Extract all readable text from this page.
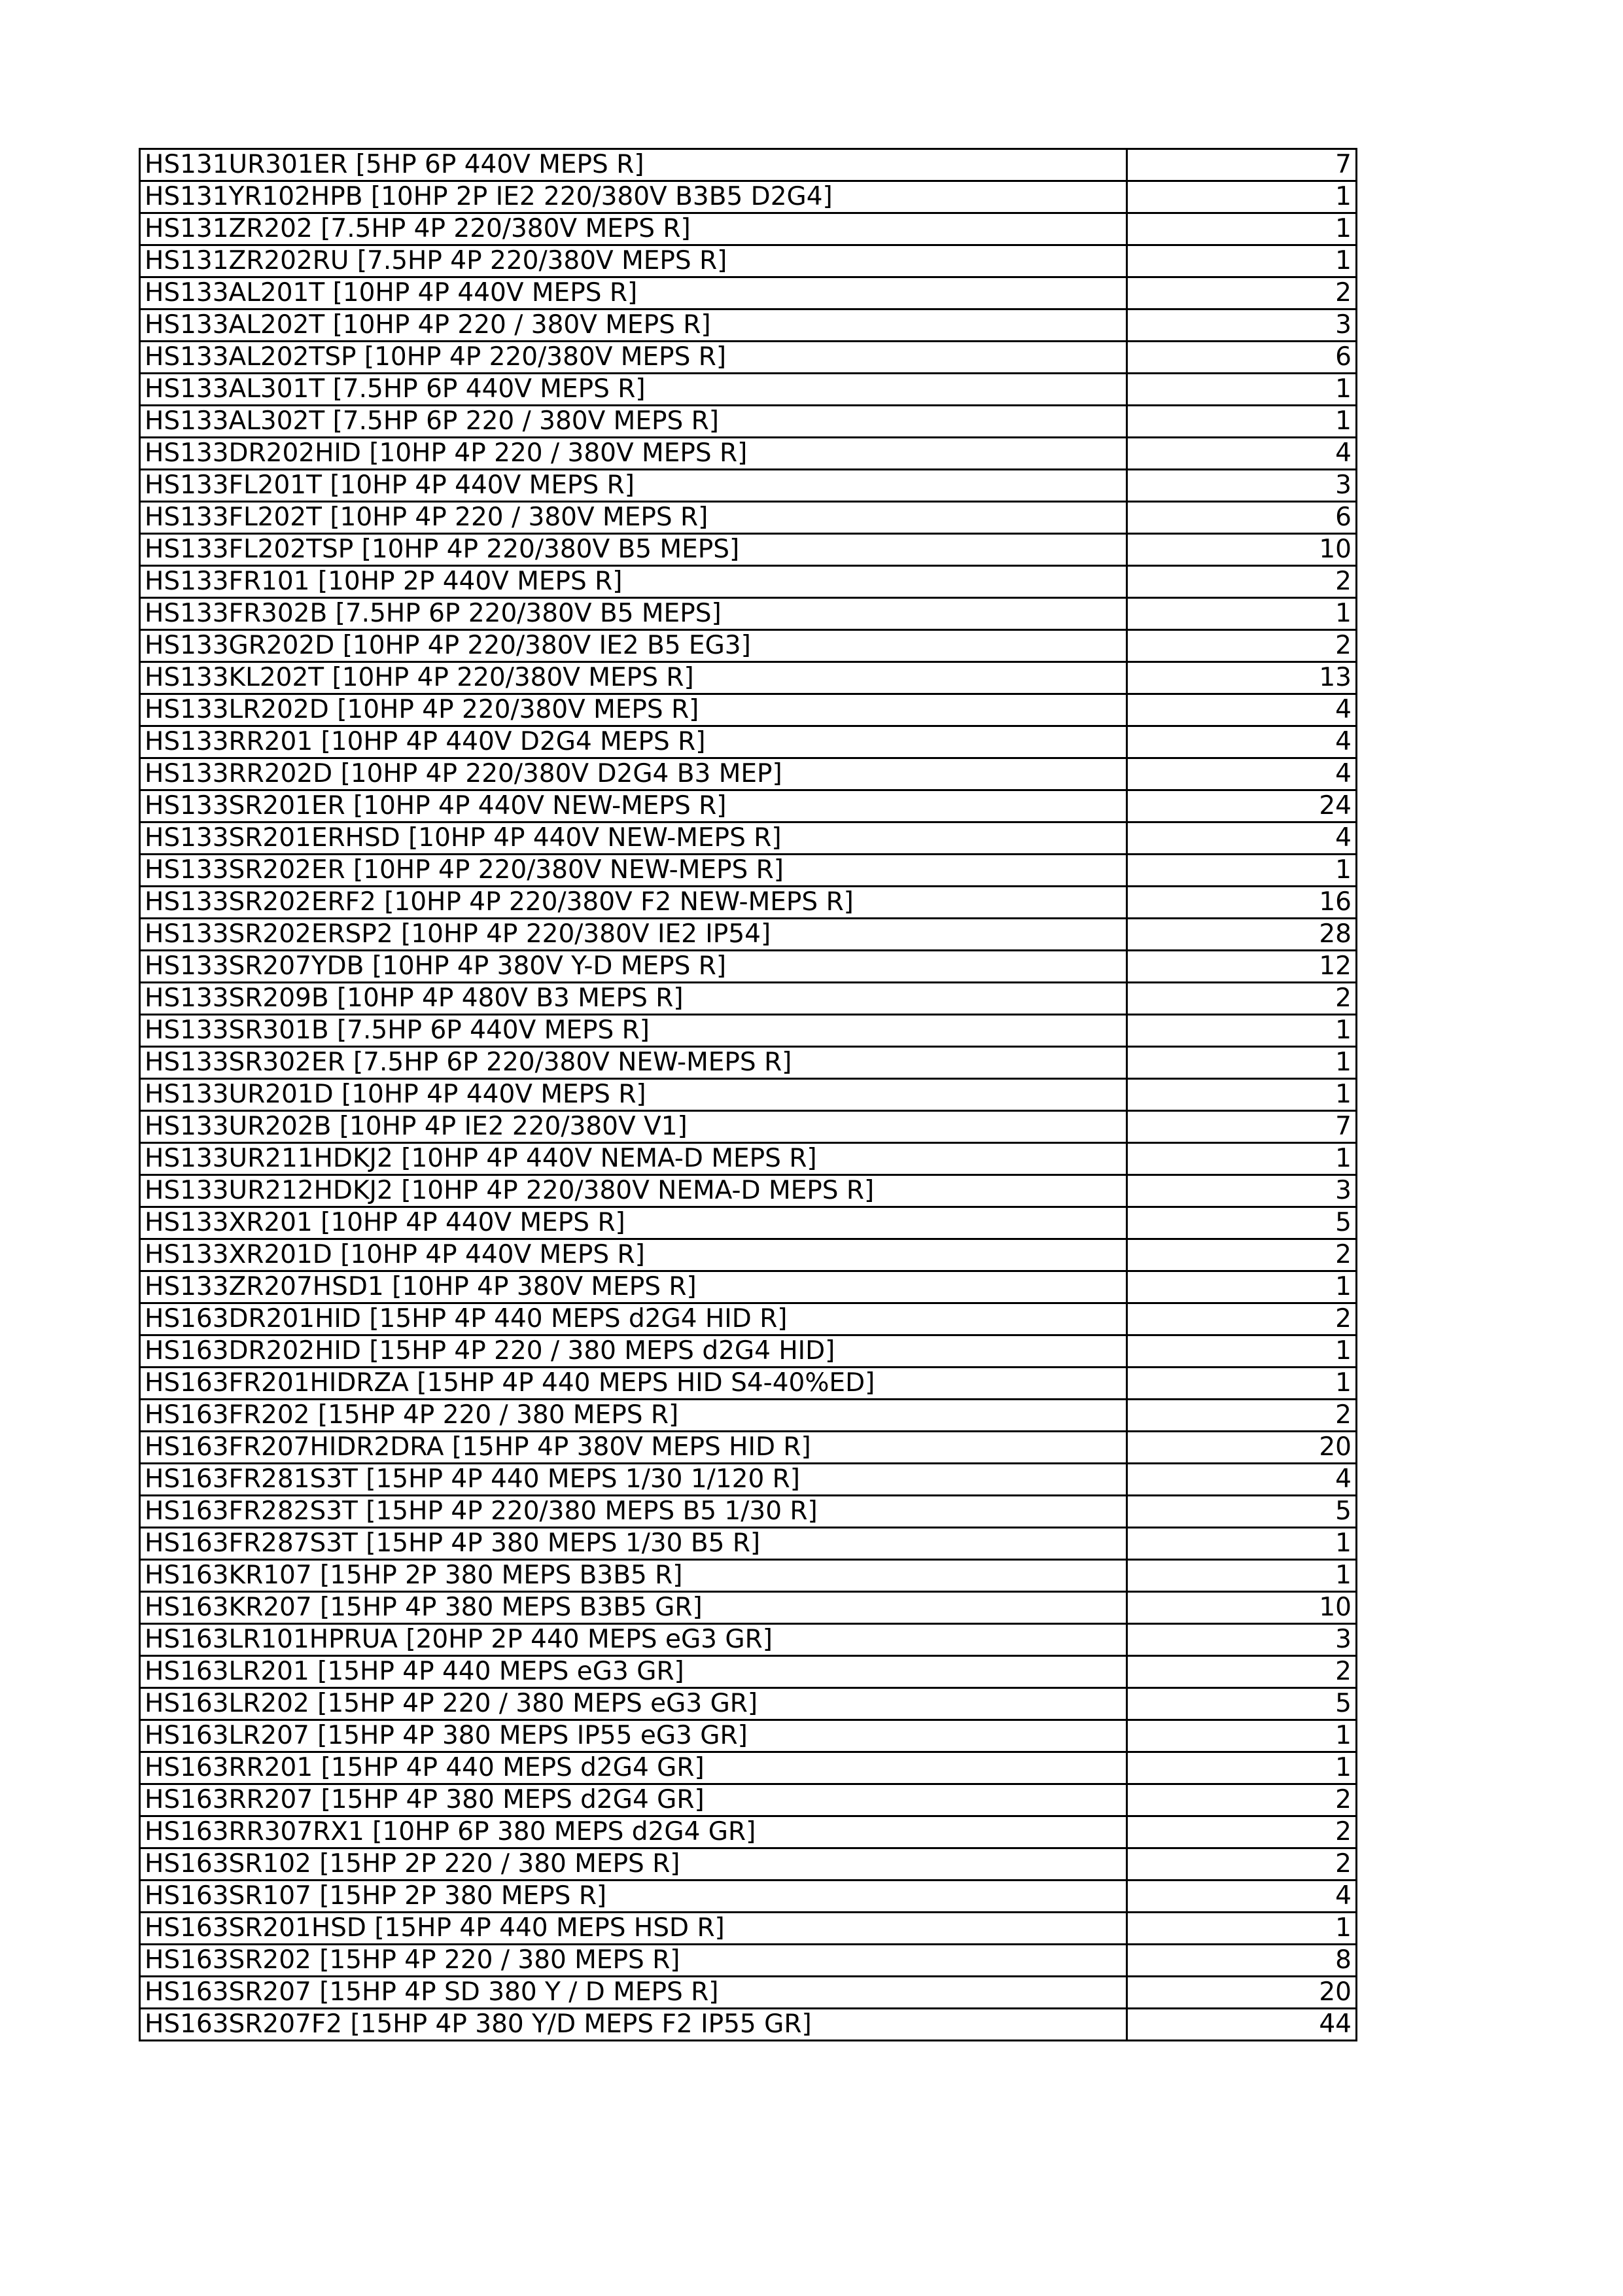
HS131UR301ER [5HP 6P 440V MEPS R]	7
HS131YR102HPB [10HP 2P IE2 220/380V B3B5 D2G4]	1
HS131ZR202 [7.5HP 4P 220/380V MEPS R]	1
HS131ZR202RU [7.5HP 4P 220/380V MEPS R]	1
HS133AL201T [10HP 4P 440V MEPS R]	2
HS133AL202T [10HP 4P 220 / 380V MEPS R]	3
HS133AL202TSP [10HP 4P 220/380V MEPS R]	6
HS133AL301T [7.5HP 6P 440V MEPS R]	1
HS133AL302T [7.5HP 6P 220 / 380V MEPS R]	1
HS133DR202HID [10HP 4P 220 / 380V MEPS R]	4
HS133FL201T [10HP 4P 440V MEPS R]	3
HS133FL202T [10HP 4P 220 / 380V MEPS R]	6
HS133FL202TSP [10HP 4P 220/380V B5 MEPS]	10
HS133FR101 [10HP 2P 440V MEPS R]	2
HS133FR302B [7.5HP 6P 220/380V B5 MEPS]	1
HS133GR202D [10HP 4P 220/380V IE2 B5 EG3]	2
HS133KL202T [10HP 4P 220/380V MEPS R]	13
HS133LR202D [10HP 4P 220/380V MEPS R]	4
HS133RR201 [10HP 4P 440V D2G4 MEPS R]	4
HS133RR202D [10HP 4P 220/380V D2G4 B3 MEP]	4
HS133SR201ER [10HP 4P 440V NEW-MEPS R]	24
HS133SR201ERHSD [10HP 4P 440V NEW-MEPS R]	4
HS133SR202ER [10HP 4P 220/380V NEW-MEPS R]	1
HS133SR202ERF2 [10HP 4P 220/380V F2 NEW-MEPS R]	16
HS133SR202ERSP2 [10HP 4P 220/380V IE2 IP54]	28
HS133SR207YDB [10HP 4P 380V Y-D MEPS R]	12
HS133SR209B [10HP 4P 480V B3 MEPS R]	2
HS133SR301B [7.5HP 6P 440V MEPS R]	1
HS133SR302ER [7.5HP 6P 220/380V NEW-MEPS R]	1
HS133UR201D [10HP 4P 440V MEPS R]	1
HS133UR202B [10HP 4P IE2 220/380V V1]	7
HS133UR211HDKJ2 [10HP 4P 440V NEMA-D MEPS R]	1
HS133UR212HDKJ2 [10HP 4P 220/380V NEMA-D MEPS R]	3
HS133XR201 [10HP 4P 440V MEPS R]	5
HS133XR201D [10HP 4P 440V MEPS R]	2
HS133ZR207HSD1 [10HP 4P 380V MEPS R]	1
HS163DR201HID [15HP 4P 440 MEPS d2G4 HID R]	2
HS163DR202HID [15HP 4P 220 / 380 MEPS d2G4 HID]	1
HS163FR201HIDRZA [15HP 4P 440 MEPS HID S4-40%ED]	1
HS163FR202 [15HP 4P 220 / 380 MEPS R]	2
HS163FR207HIDR2DRA [15HP 4P 380V MEPS HID R]	20
HS163FR281S3T [15HP 4P 440 MEPS 1/30 1/120 R]	4
HS163FR282S3T [15HP 4P 220/380 MEPS B5 1/30 R]	5
HS163FR287S3T [15HP 4P 380 MEPS 1/30 B5 R]	1
HS163KR107 [15HP 2P 380 MEPS B3B5 R]	1
HS163KR207 [15HP 4P 380 MEPS B3B5 GR]	10
HS163LR101HPRUA [20HP 2P 440 MEPS eG3 GR]	3
HS163LR201 [15HP 4P 440 MEPS eG3 GR]	2
HS163LR202 [15HP 4P 220 / 380 MEPS eG3 GR]	5
HS163LR207 [15HP 4P 380 MEPS IP55 eG3 GR]	1
HS163RR201 [15HP 4P 440 MEPS d2G4 GR]	1
HS163RR207 [15HP 4P 380 MEPS d2G4 GR]	2
HS163RR307RX1 [10HP 6P 380 MEPS d2G4 GR]	2
HS163SR102 [15HP 2P 220 / 380 MEPS R]	2
HS163SR107 [15HP 2P 380 MEPS R]	4
HS163SR201HSD [15HP 4P 440 MEPS HSD R]	1
HS163SR202 [15HP 4P 220 / 380 MEPS R]	8
HS163SR207 [15HP 4P SD 380 Y / D MEPS R]	20
HS163SR207F2 [15HP 4P 380 Y/D MEPS F2 IP55 GR]	44
